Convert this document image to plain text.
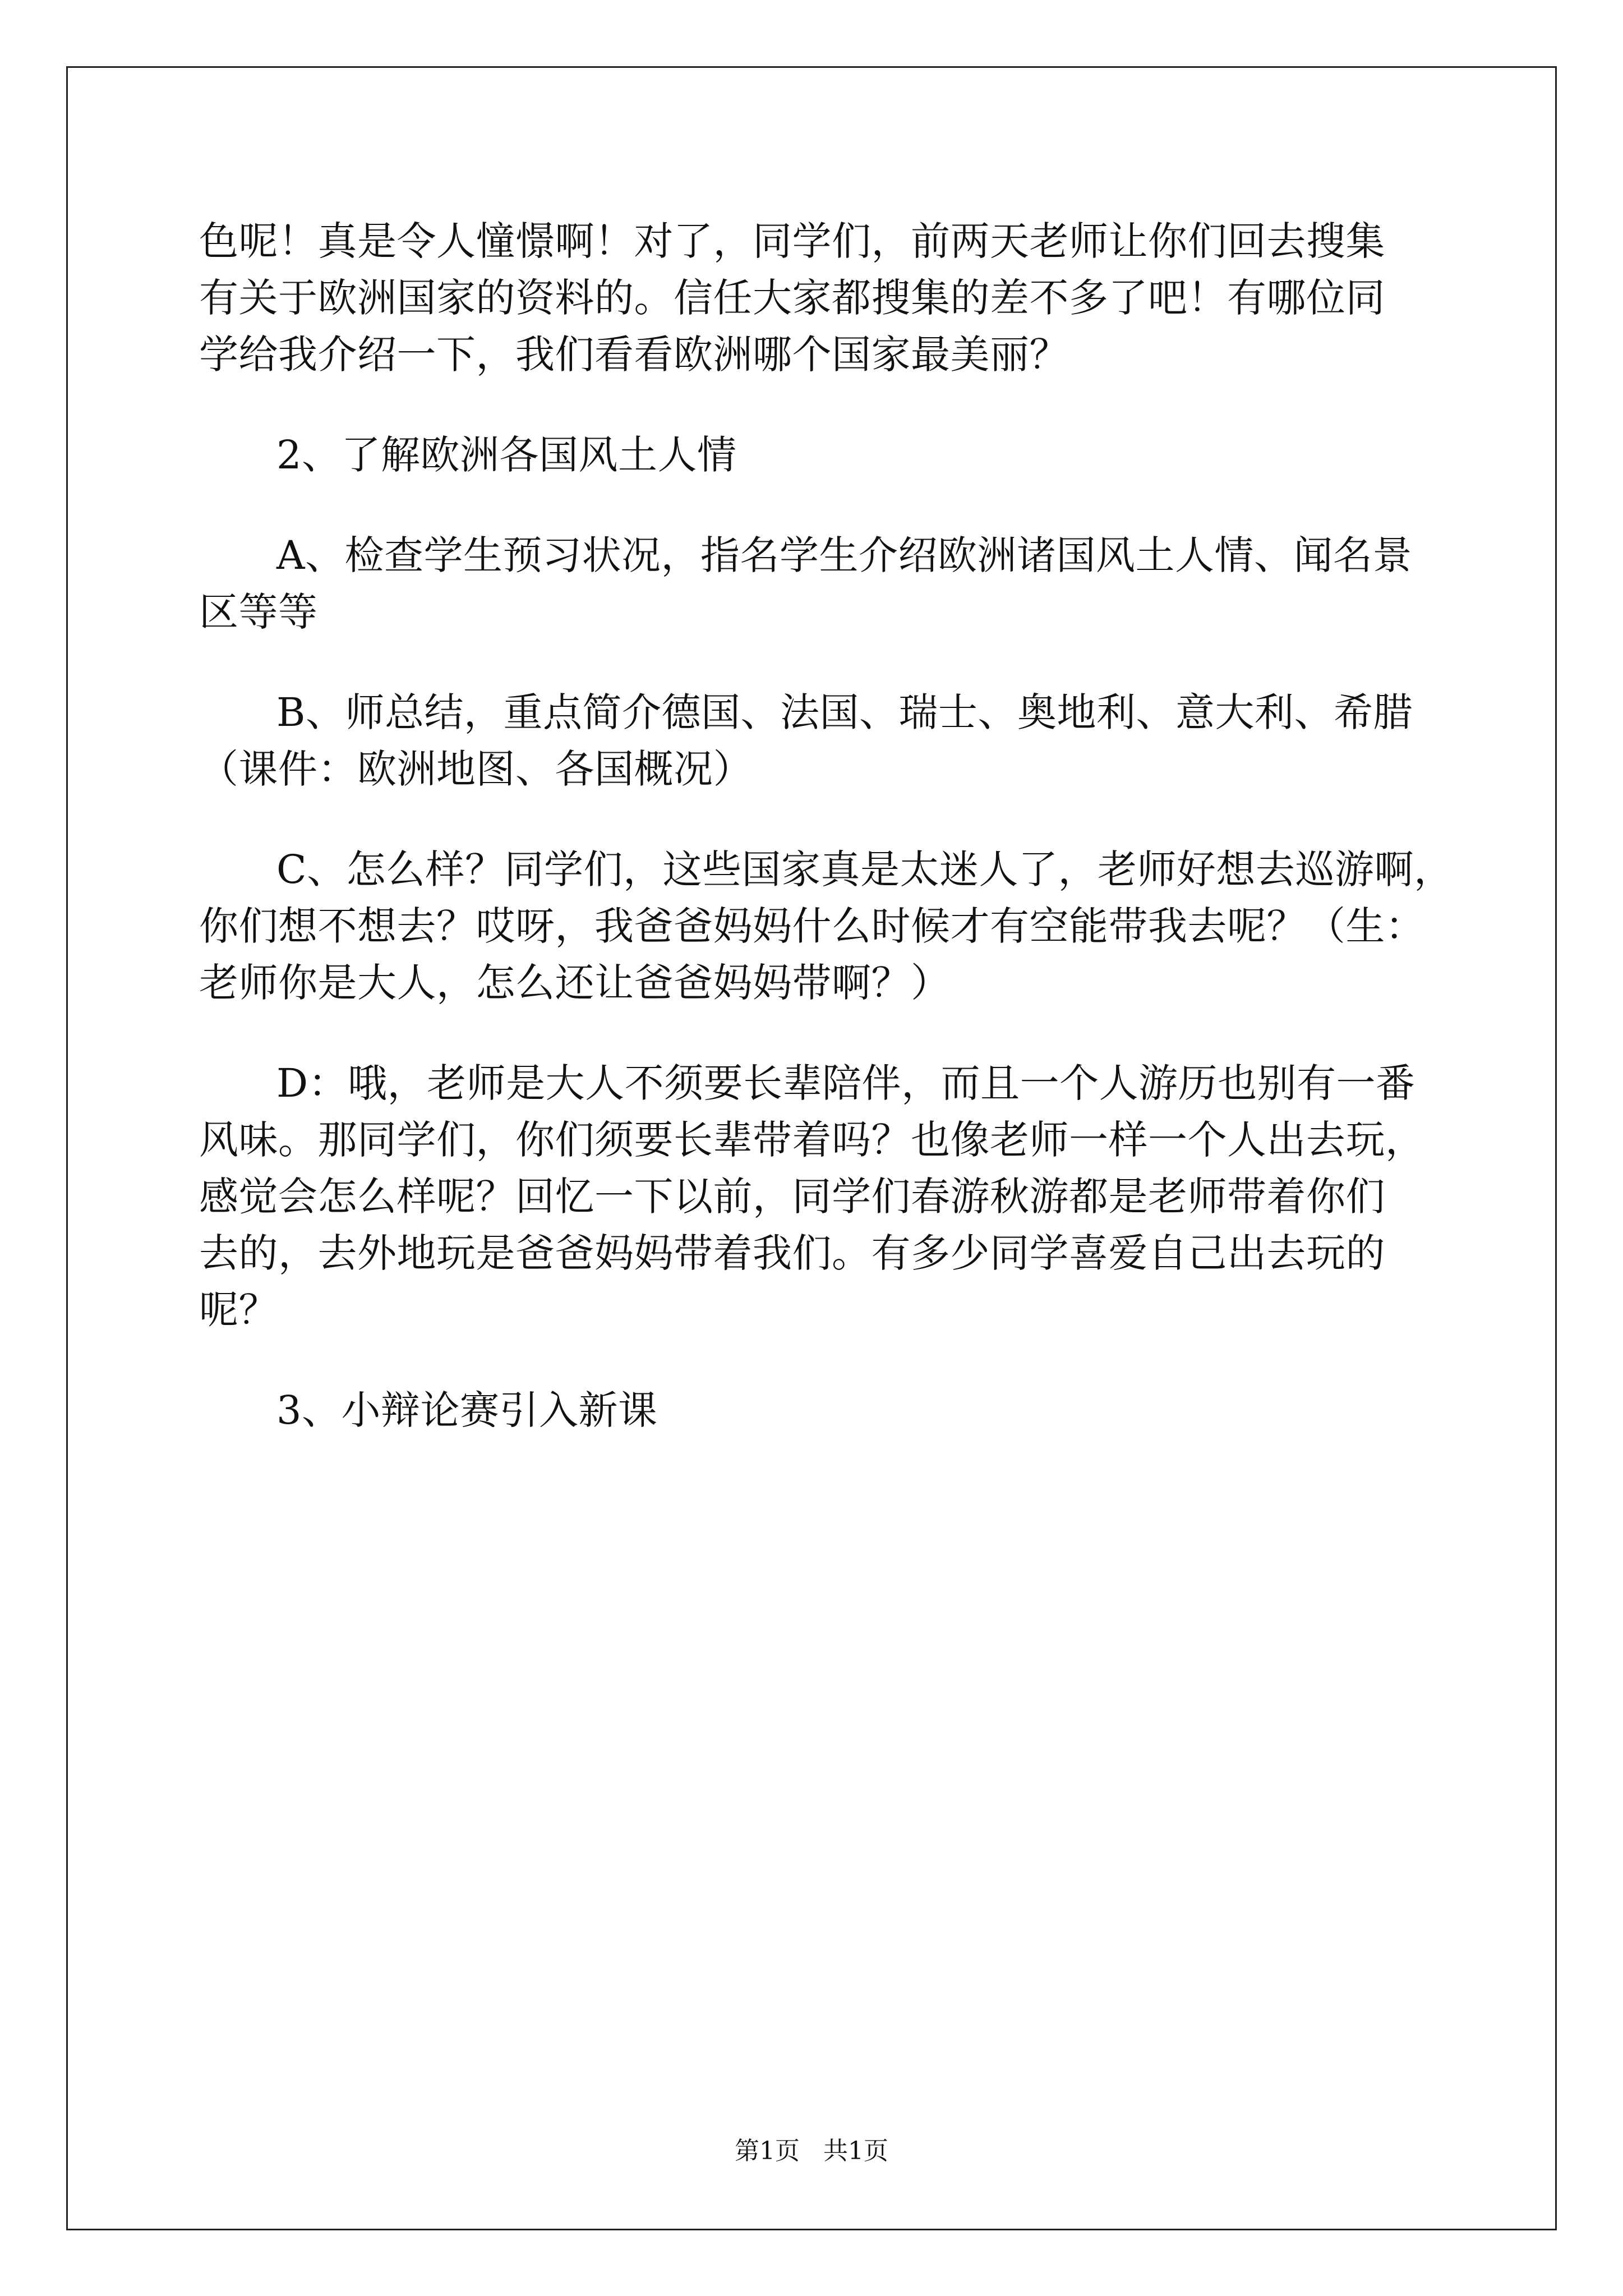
色呢！真是令人憧憬啊！对了，同学们，前两天老师让你们回去搜集
有关于欧洲国家的资料的。信任大家都搜集的差不多了吧！有哪位同
学给我介绍一下，我们看看欧洲哪个国家最美丽？
2、了解欧洲各国风土人情
A、检查学生预习状况，指名学生介绍欧洲诸国风土人情、闻名景
区等等
B、师总结，重点简介德国、法国、瑞士、奥地利、意大利、希腊
（课件：欧洲地图、各国概况）
C、怎么样？同学们，这些国家真是太迷人了，老师好想去巡游啊，
你们想不想去？哎呀，我爸爸妈妈什么时候才有空能带我去呢？（生：
老师你是大人，怎么还让爸爸妈妈带啊？）
D：哦，老师是大人不须要长辈陪伴，而且一个人游历也别有一番
风味。那同学们，你们须要长辈带着吗？也像老师一样一个人出去玩，
感觉会怎么样呢？回忆一下以前，同学们春游秋游都是老师带着你们
去的，去外地玩是爸爸妈妈带着我们。有多少同学喜爱自己出去玩的
呢？
3、小辩论赛引入新课
第1页   共1页
